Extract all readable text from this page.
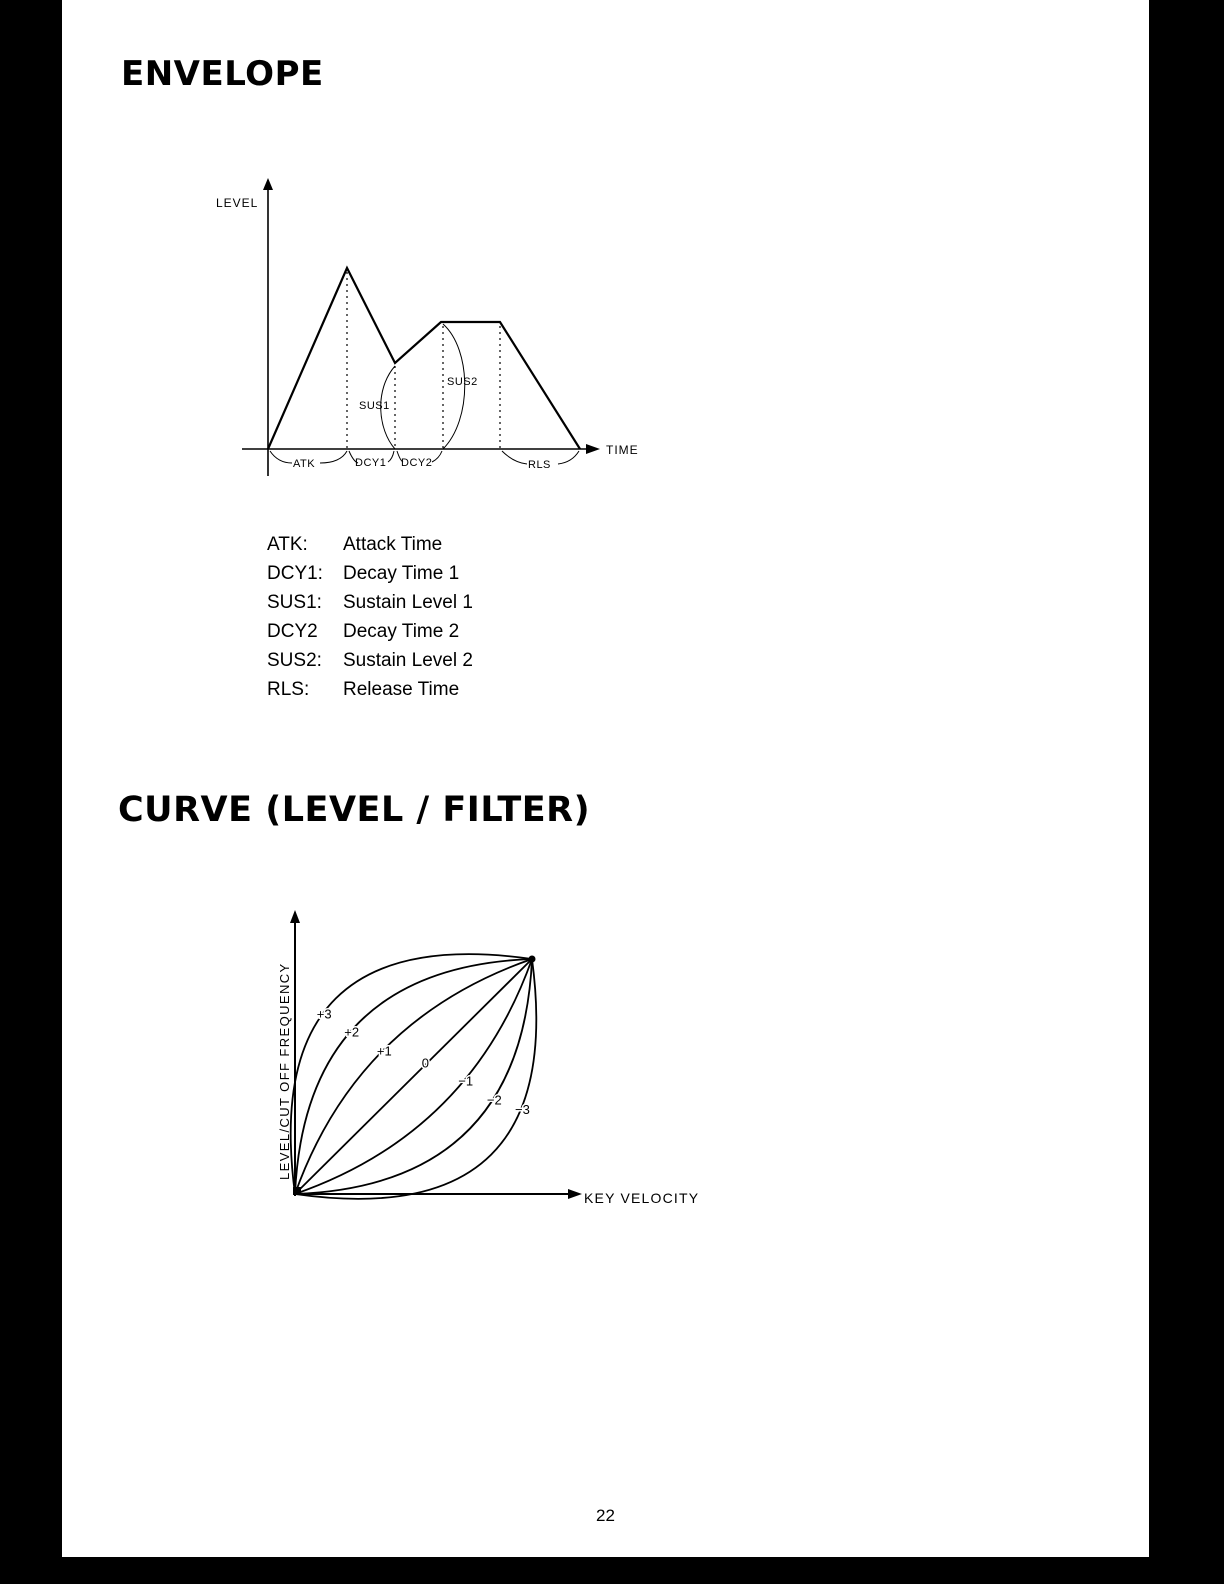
ENVELOPE
LEVEL
TIME
SUS1
SUS2
ATK	DCY1 DCY2	RLS
ATK:	Attack Time
DCY1:	Decay Time 1
SUS1:	Sustain Level 1
DCY2	Decay Time 2
SUS2:	Sustain Level 2
RLS:	Release Time
CURVE (LEVEL / FILTER)
LEVEL/CUT OFF FREQUENCY
KEY VELOCITY
+3
+2
+1
0
−1
−2
−3
22
